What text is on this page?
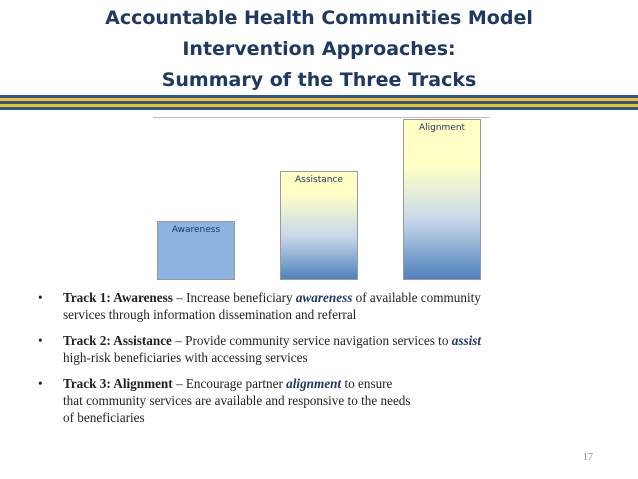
Accountable Health Communities Model
Intervention Approaches:
Summary of the Three Tracks
Awareness
Assistance
Alignment
• Track 1: Awareness – Increase beneficiary awareness of available community
services through information dissemination and referral
• Track 2: Assistance – Provide community service navigation services to assist
high-risk beneficiaries with accessing services
• Track 3: Alignment – Encourage partner alignment to ensure
that community services are available and responsive to the needs
of beneficiaries
17
